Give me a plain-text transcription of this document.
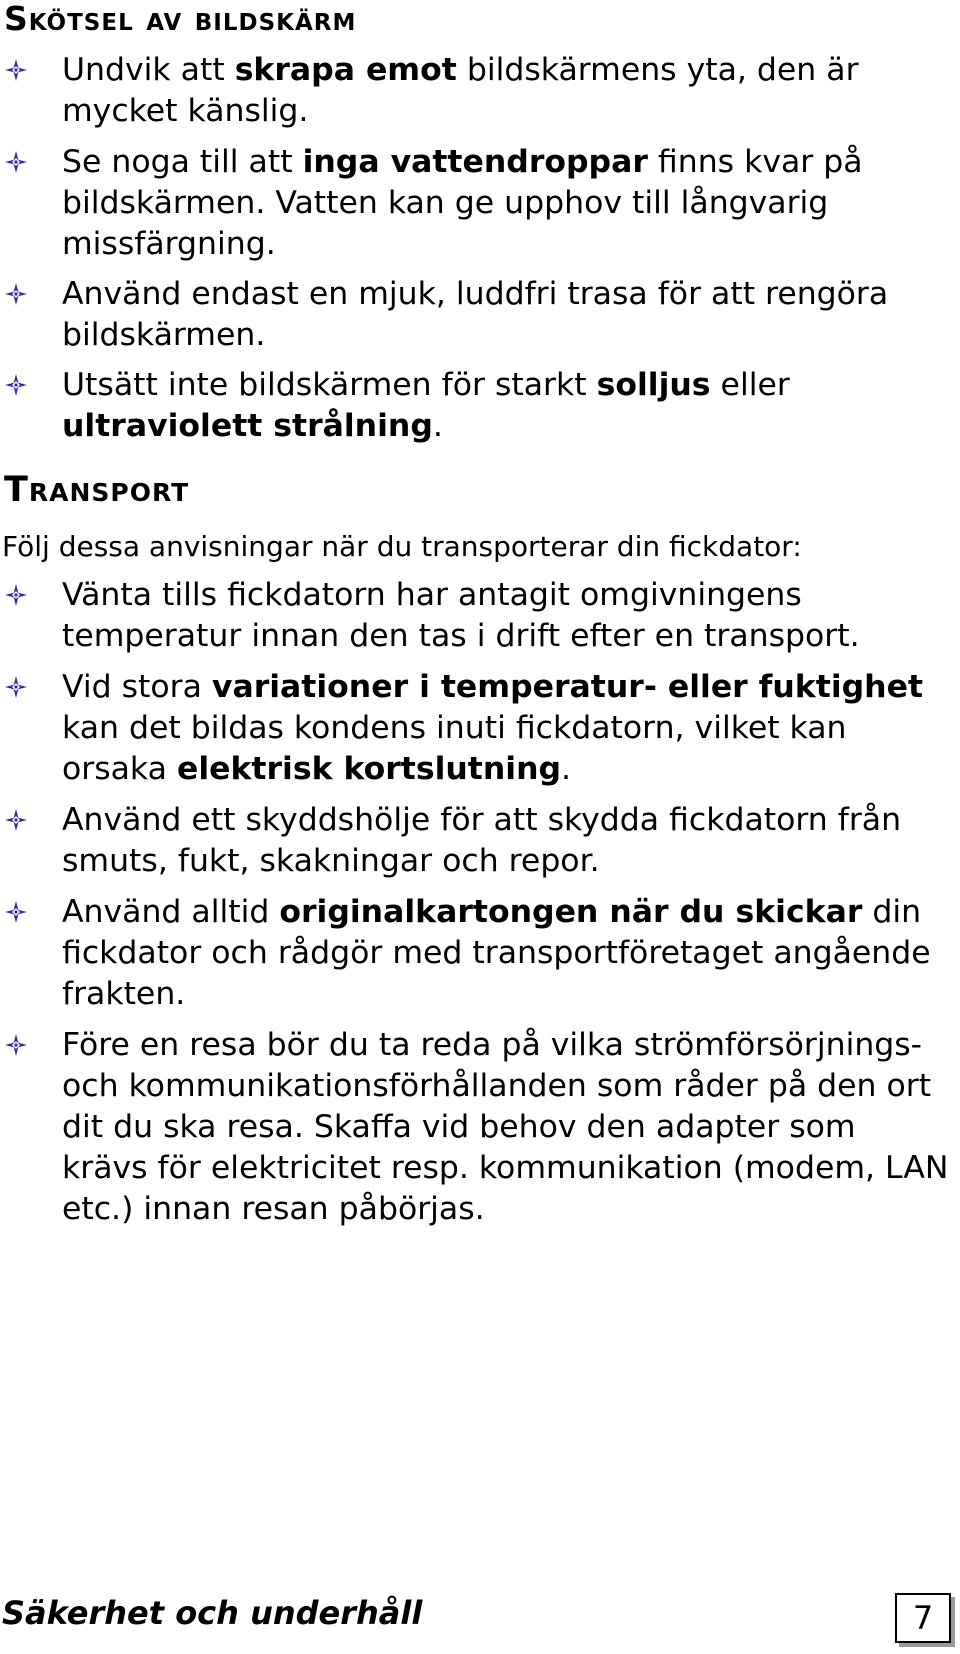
Skötsel av bildskärm
Undvik att skrapa emot bildskärmens yta, den är mycket känslig.
Se noga till att inga vattendroppar finns kvar på bildskärmen. Vatten kan ge upphov till långvarig missfärgning.
Använd endast en mjuk, luddfri trasa för att rengöra bildskärmen.
Utsätt inte bildskärmen för starkt solljus eller ultraviolett strålning.
Transport

Följ dessa anvisningar när du transporterar din fickdator:

Vänta tills fickdatorn har antagit omgivningens temperatur innan den tas i drift efter en transport.
Vid stora variationer i temperatur- eller fuktighet kan det bildas kondens inuti fickdatorn, vilket kan orsaka elektrisk kortslutning.
Använd ett skyddshölje för att skydda fickdatorn från smuts, fukt, skakningar och repor.
Använd alltid originalkartongen när du skickar din fickdator och rådgör med transportföretaget angående frakten.
Före en resa bör du ta reda på vilka strömförsörjnings- och kommunikationsförhållanden som råder på den ort dit du ska resa. Skaffa vid behov den adapter som krävs för elektricitet resp. kommunikation (modem, LAN etc.) innan resan påbörjas.
Säkerhet och underhåll	7
